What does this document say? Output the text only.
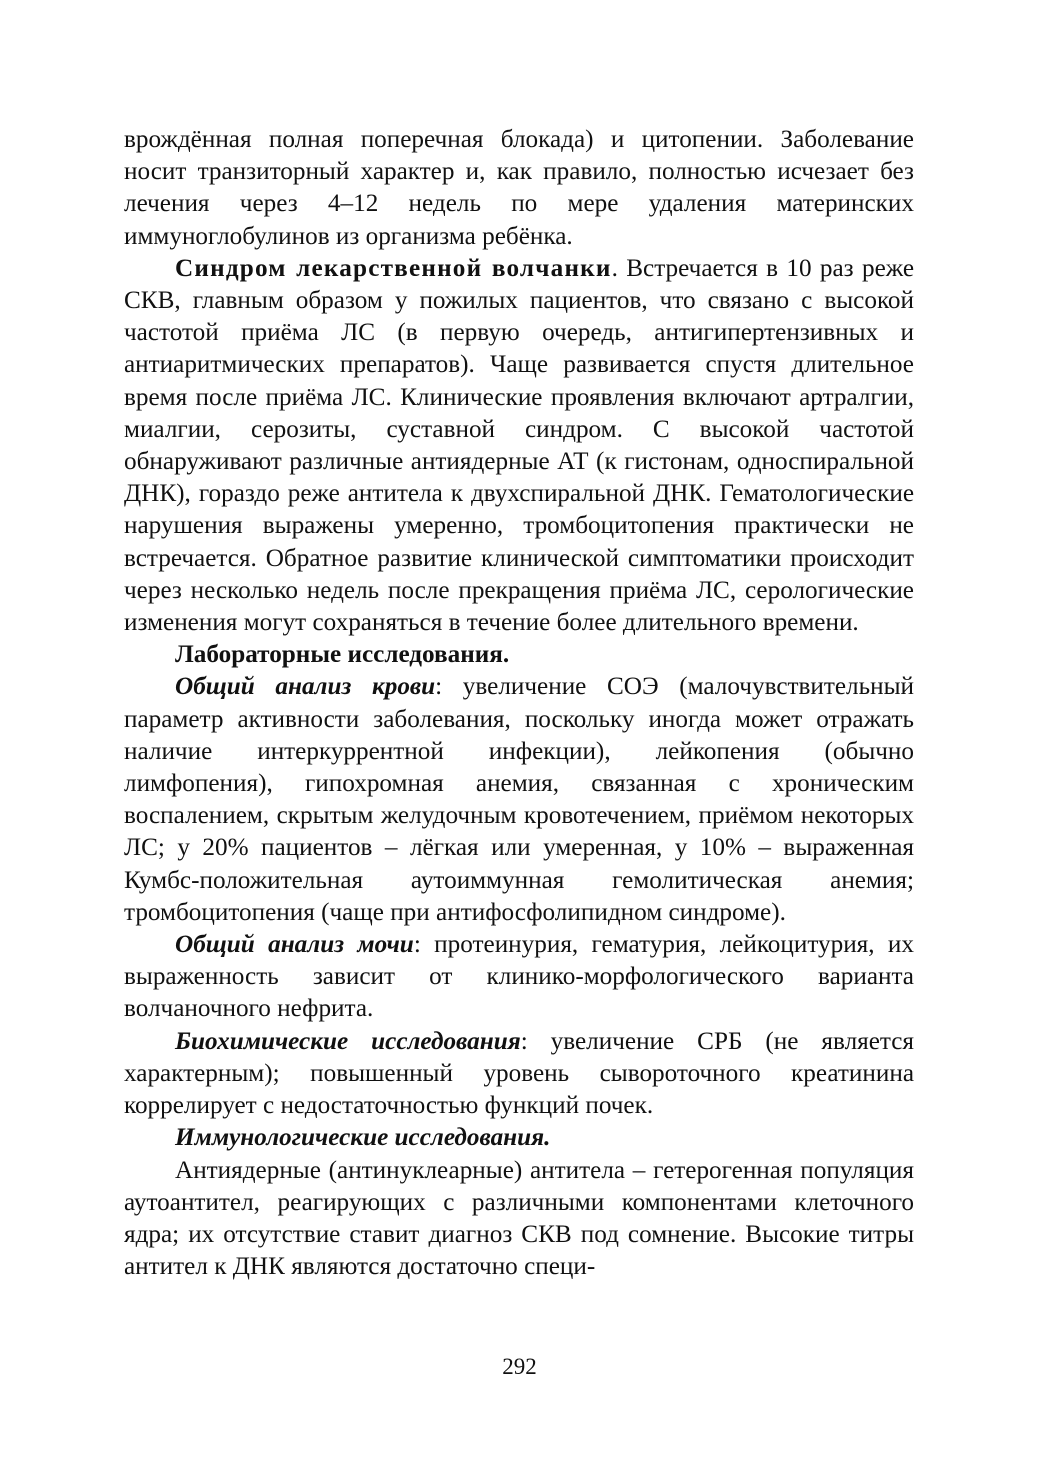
врождённая полная поперечная блокада) и цитопении. Заболевание носит транзиторный характер и, как правило, полностью исчезает без лечения через 4–12 недель по мере удаления материнских иммуноглобулинов из организма ребёнка.

Синдром лекарственной волчанки. Встречается в 10 раз реже СКВ, главным образом у пожилых пациентов, что связано с высокой частотой приёма ЛС (в первую очередь, антигипертензивных и антиаритмических препаратов). Чаще развивается спустя длительное время после приёма ЛС. Клинические проявления включают артралгии, миалгии, серозиты, суставной синдром. С высокой частотой обнаруживают различные антиядерные АТ (к гистонам, односпиральной ДНК), гораздо реже антитела к двухспиральной ДНК. Гематологические нарушения выражены умеренно, тромбоцитопения практически не встречается. Обратное развитие клинической симптоматики происходит через несколько недель после прекращения приёма ЛС, серологические изменения могут сохраняться в течение более длительного времени.

Лабораторные исследования.

Общий анализ крови: увеличение СОЭ (малочувствительный параметр активности заболевания, поскольку иногда может отражать наличие интеркуррентной инфекции), лейкопения (обычно лимфопения), гипохромная анемия, связанная с хроническим воспалением, скрытым желудочным кровотечением, приёмом некоторых ЛС; у 20% пациентов – лёгкая или умеренная, у 10% – выраженная Кумбс-положительная аутоиммунная гемолитическая анемия; тромбоцитопения (чаще при антифосфолипидном синдроме).

Общий анализ мочи: протеинурия, гематурия, лейкоцитурия, их выраженность зависит от клинико-морфологического варианта волчаночного нефрита.

Биохимические исследования: увеличение СРБ (не является характерным); повышенный уровень сывороточного креатинина коррелирует с недостаточностью функций почек.

Иммунологические исследования.

Антиядерные (антинуклеарные) антитела – гетерогенная популяция аутоантител, реагирующих с различными компонентами клеточного ядра; их отсутствие ставит диагноз СКВ под сомнение. Высокие титры антител к ДНК являются достаточно специ-

292
